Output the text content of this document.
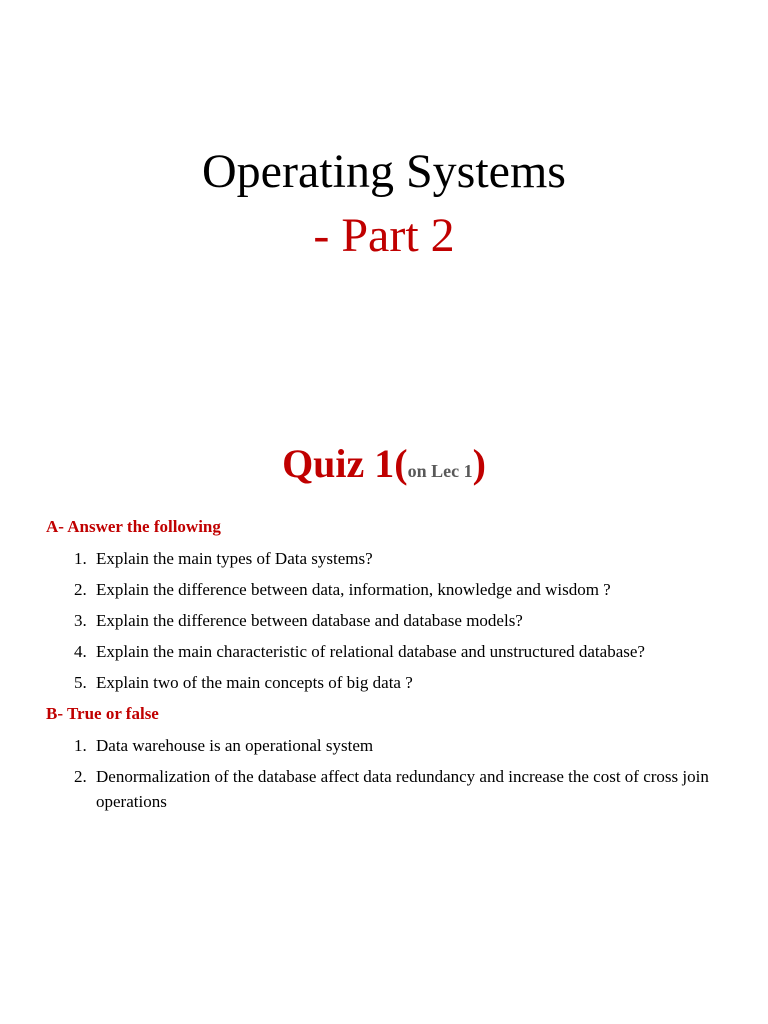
Operating Systems
- Part 2
Quiz 1(on Lec 1)
A- Answer the following
1. Explain the main types of Data systems?
2. Explain the difference between data, information, knowledge and wisdom ?
3. Explain the difference between database and database models?
4. Explain the main characteristic of relational database and unstructured database?
5. Explain two of the main concepts of big data ?
B- True or false
1. Data warehouse is an operational system
2. Denormalization of the database affect data redundancy and increase the cost of cross join operations
